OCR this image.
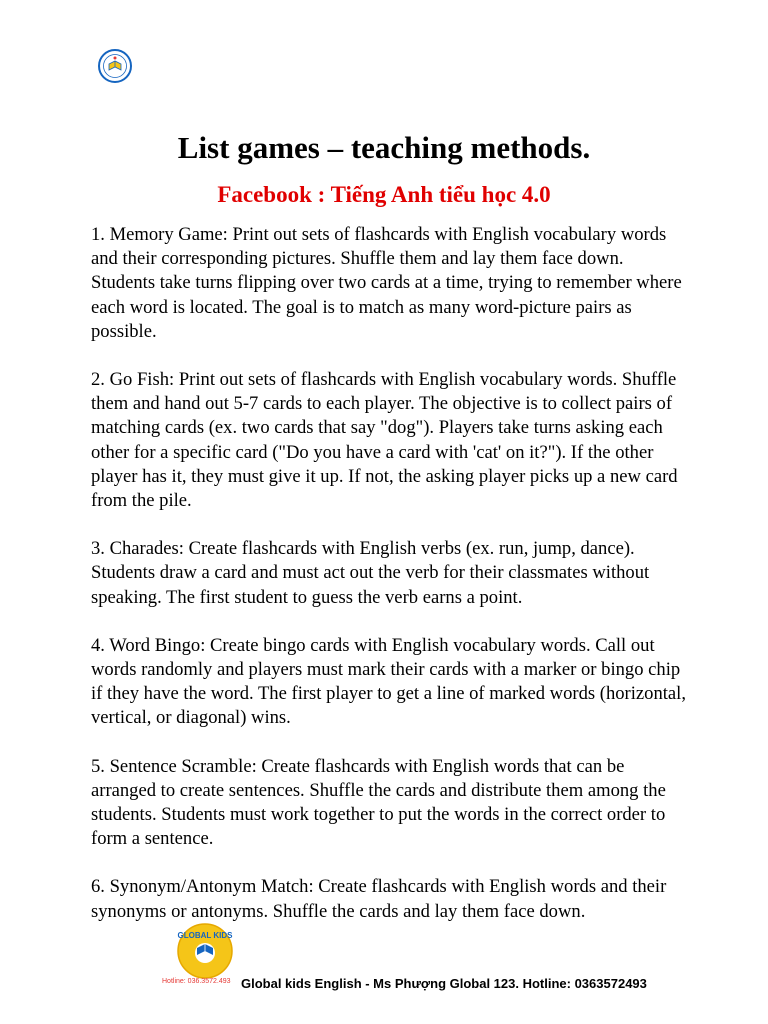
List games – teaching methods.
Facebook : Tiếng Anh tiểu học 4.0

1. Memory Game: Print out sets of flashcards with English vocabulary words and their corresponding pictures. Shuffle them and lay them face down. Students take turns flipping over two cards at a time, trying to remember where each word is located. The goal is to match as many word-picture pairs as possible.

2. Go Fish: Print out sets of flashcards with English vocabulary words. Shuffle them and hand out 5-7 cards to each player. The objective is to collect pairs of matching cards (ex. two cards that say "dog"). Players take turns asking each other for a specific card ("Do you have a card with 'cat' on it?"). If the other player has it, they must give it up. If not, the asking player picks up a new card from the pile.

3. Charades: Create flashcards with English verbs (ex. run, jump, dance). Students draw a card and must act out the verb for their classmates without speaking. The first student to guess the verb earns a point.

4. Word Bingo: Create bingo cards with English vocabulary words. Call out words randomly and players must mark their cards with a marker or bingo chip if they have the word. The first player to get a line of marked words (horizontal, vertical, or diagonal) wins.

5. Sentence Scramble: Create flashcards with English words that can be arranged to create sentences. Shuffle the cards and distribute them among the students. Students must work together to put the words in the correct order to form a sentence.

6. Synonym/Antonym Match: Create flashcards with English words and their synonyms or antonyms. Shuffle the cards and lay them face down.

GLOBAL KIDS
Hotline: 036.3572.493 Global kids English - Ms Phượng Global 123. Hotline: 0363572493
